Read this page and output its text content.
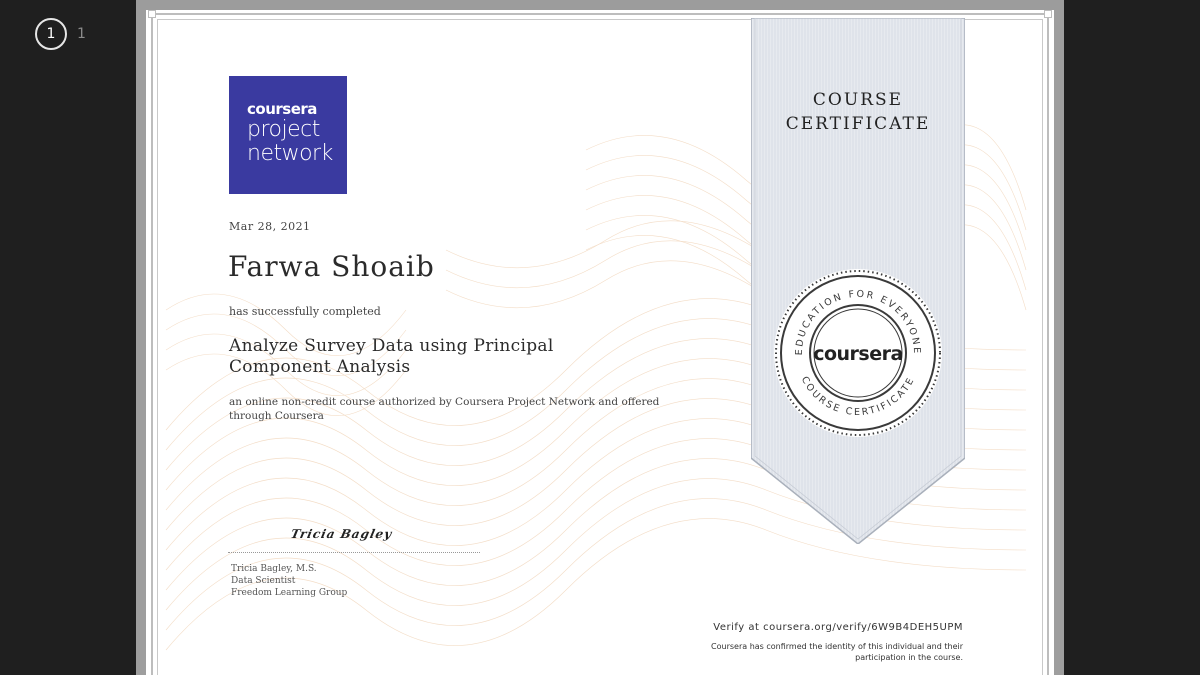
1	1
coursera
project
network
Mar 28, 2021
Farwa Shoaib
has successfully completed
Analyze Survey Data using Principal Component Analysis
an online non-credit course authorized by Coursera Project Network and offered through Coursera
Tricia Bagley
Tricia Bagley, M.S.
Data Scientist
Freedom Learning Group
COURSE
CERTIFICATE
EDUCATION FOR EVERYONE
COURSE CERTIFICATE
coursera
Verify at coursera.org/verify/6W9B4DEH5UPM
Coursera has confirmed the identity of this individual and their
participation in the course.
